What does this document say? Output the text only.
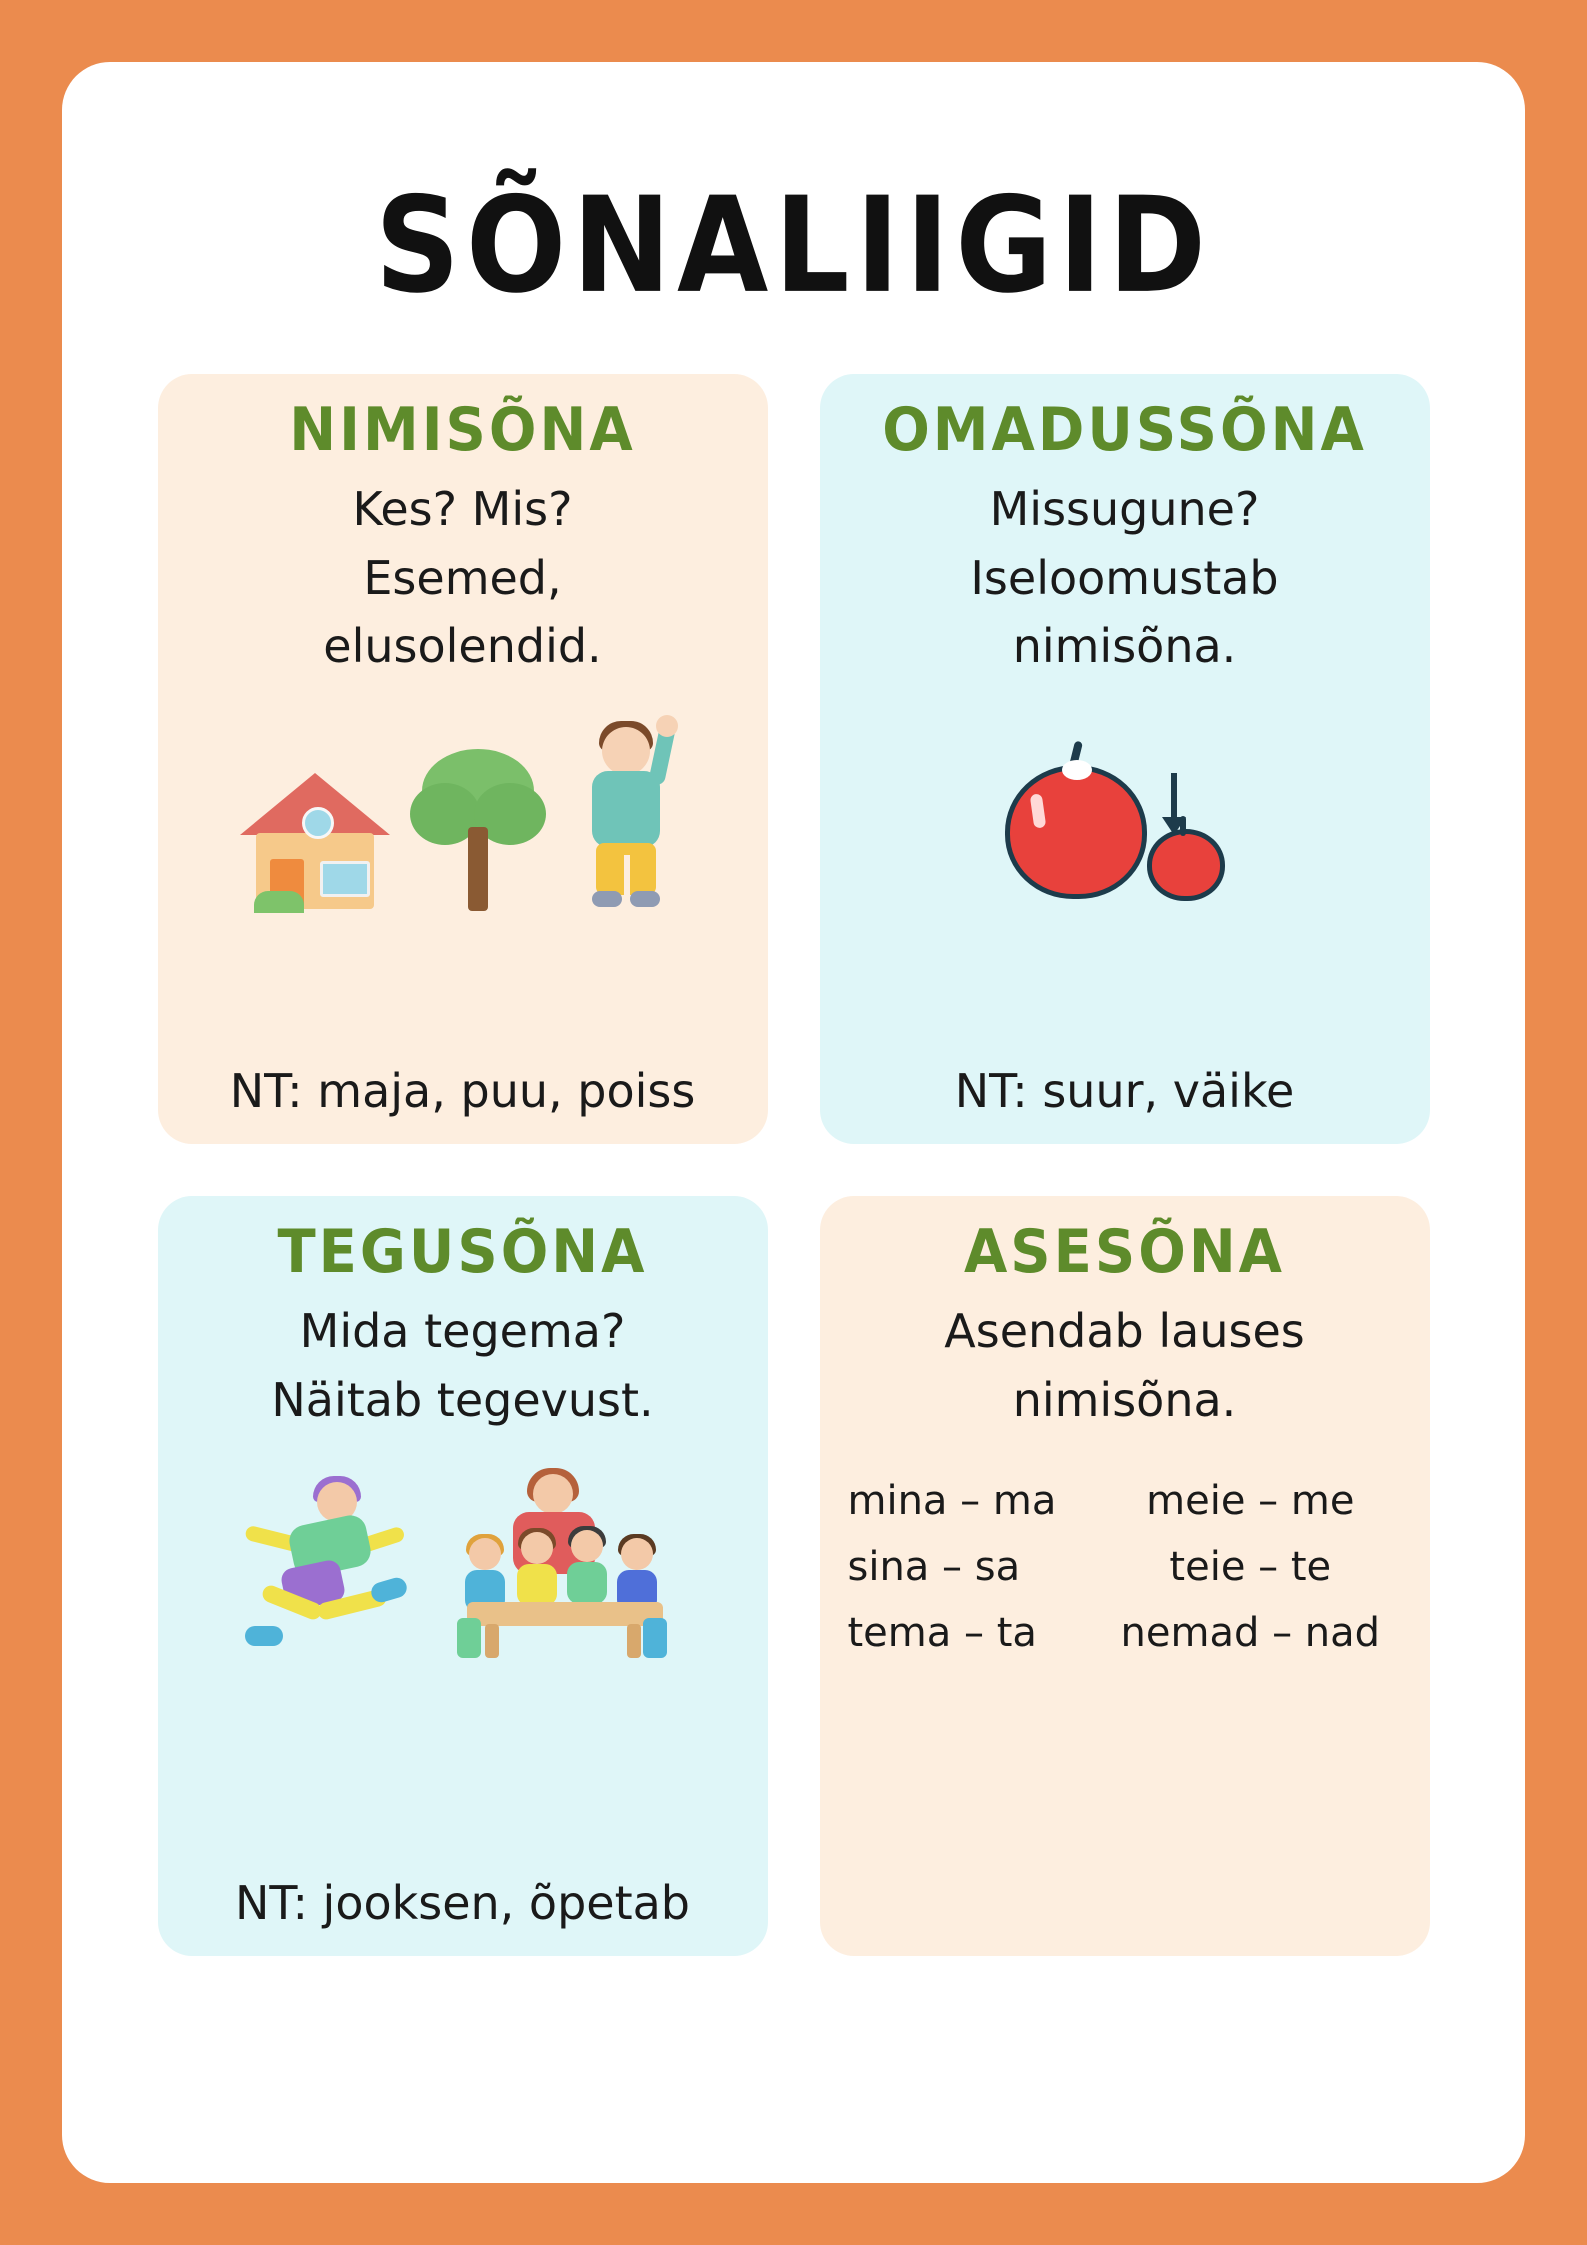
SÕNALIIGID
NIMISÕNA
Kes? Mis?
Esemed,
elusolendid.
NT: maja, puu, poiss
OMADUSSÕNA
Missugune?
Iseloomustab
nimisõna.
NT: suur, väike
TEGUSÕNA
Mida tegema?
Näitab tegevust.
NT: jooksen, õpetab
ASESÕNA
Asendab lauses
nimisõna.
mina – ma	meie – me
sina – sa	teie – te
tema – ta	nemad – nad
